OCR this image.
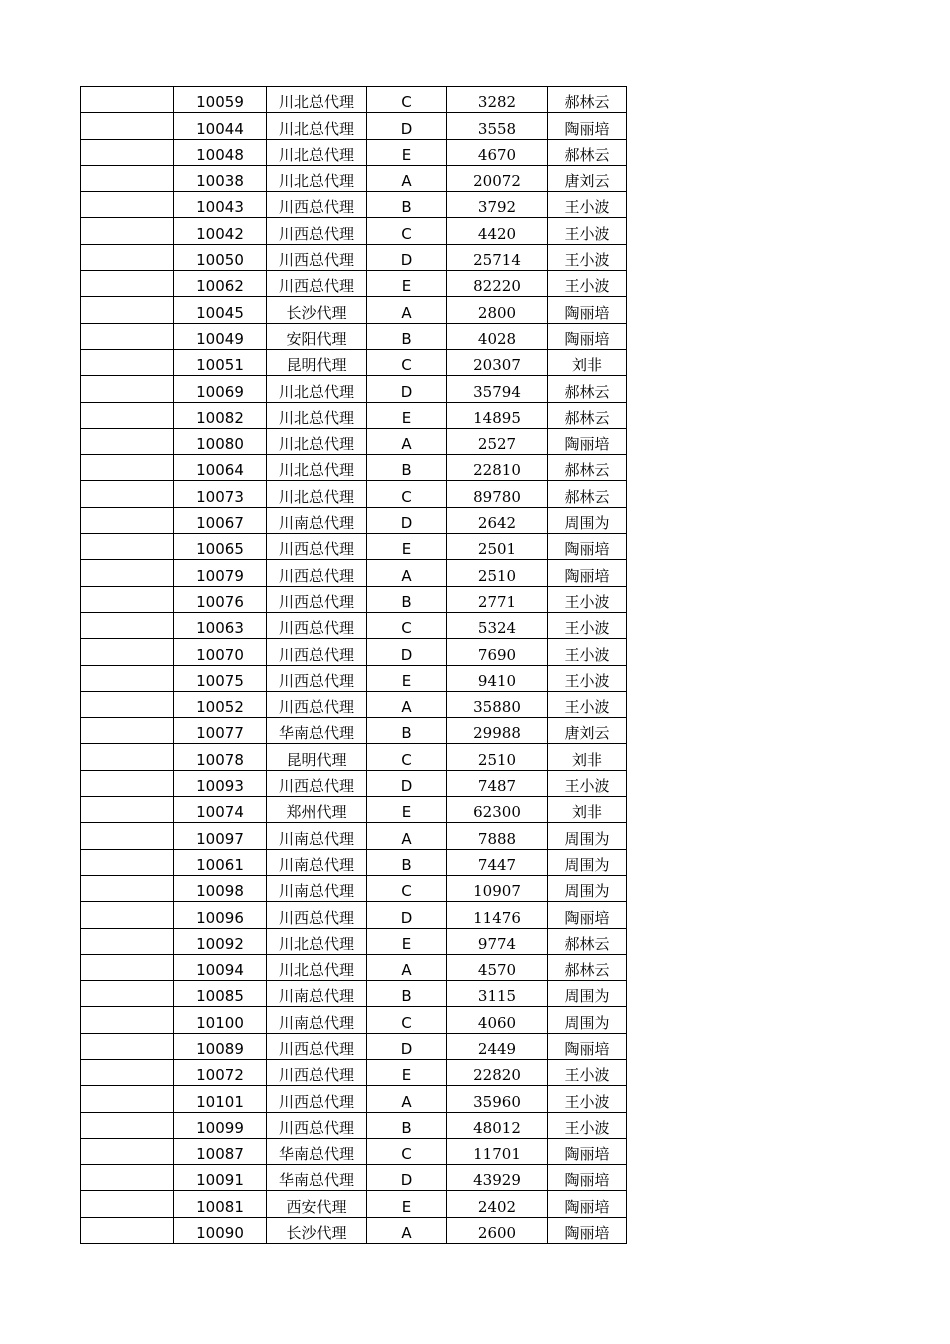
	10059	川北总代理	C	3282	郝林云
	10044	川北总代理	D	3558	陶丽培
	10048	川北总代理	E	4670	郝林云
	10038	川北总代理	A	20072	唐刘云
	10043	川西总代理	B	3792	王小波
	10042	川西总代理	C	4420	王小波
	10050	川西总代理	D	25714	王小波
	10062	川西总代理	E	82220	王小波
	10045	长沙代理	A	2800	陶丽培
	10049	安阳代理	B	4028	陶丽培
	10051	昆明代理	C	20307	刘非
	10069	川北总代理	D	35794	郝林云
	10082	川北总代理	E	14895	郝林云
	10080	川北总代理	A	2527	陶丽培
	10064	川北总代理	B	22810	郝林云
	10073	川北总代理	C	89780	郝林云
	10067	川南总代理	D	2642	周围为
	10065	川西总代理	E	2501	陶丽培
	10079	川西总代理	A	2510	陶丽培
	10076	川西总代理	B	2771	王小波
	10063	川西总代理	C	5324	王小波
	10070	川西总代理	D	7690	王小波
	10075	川西总代理	E	9410	王小波
	10052	川西总代理	A	35880	王小波
	10077	华南总代理	B	29988	唐刘云
	10078	昆明代理	C	2510	刘非
	10093	川西总代理	D	7487	王小波
	10074	郑州代理	E	62300	刘非
	10097	川南总代理	A	7888	周围为
	10061	川南总代理	B	7447	周围为
	10098	川南总代理	C	10907	周围为
	10096	川西总代理	D	11476	陶丽培
	10092	川北总代理	E	9774	郝林云
	10094	川北总代理	A	4570	郝林云
	10085	川南总代理	B	3115	周围为
	10100	川南总代理	C	4060	周围为
	10089	川西总代理	D	2449	陶丽培
	10072	川西总代理	E	22820	王小波
	10101	川西总代理	A	35960	王小波
	10099	川西总代理	B	48012	王小波
	10087	华南总代理	C	11701	陶丽培
	10091	华南总代理	D	43929	陶丽培
	10081	西安代理	E	2402	陶丽培
	10090	长沙代理	A	2600	陶丽培
